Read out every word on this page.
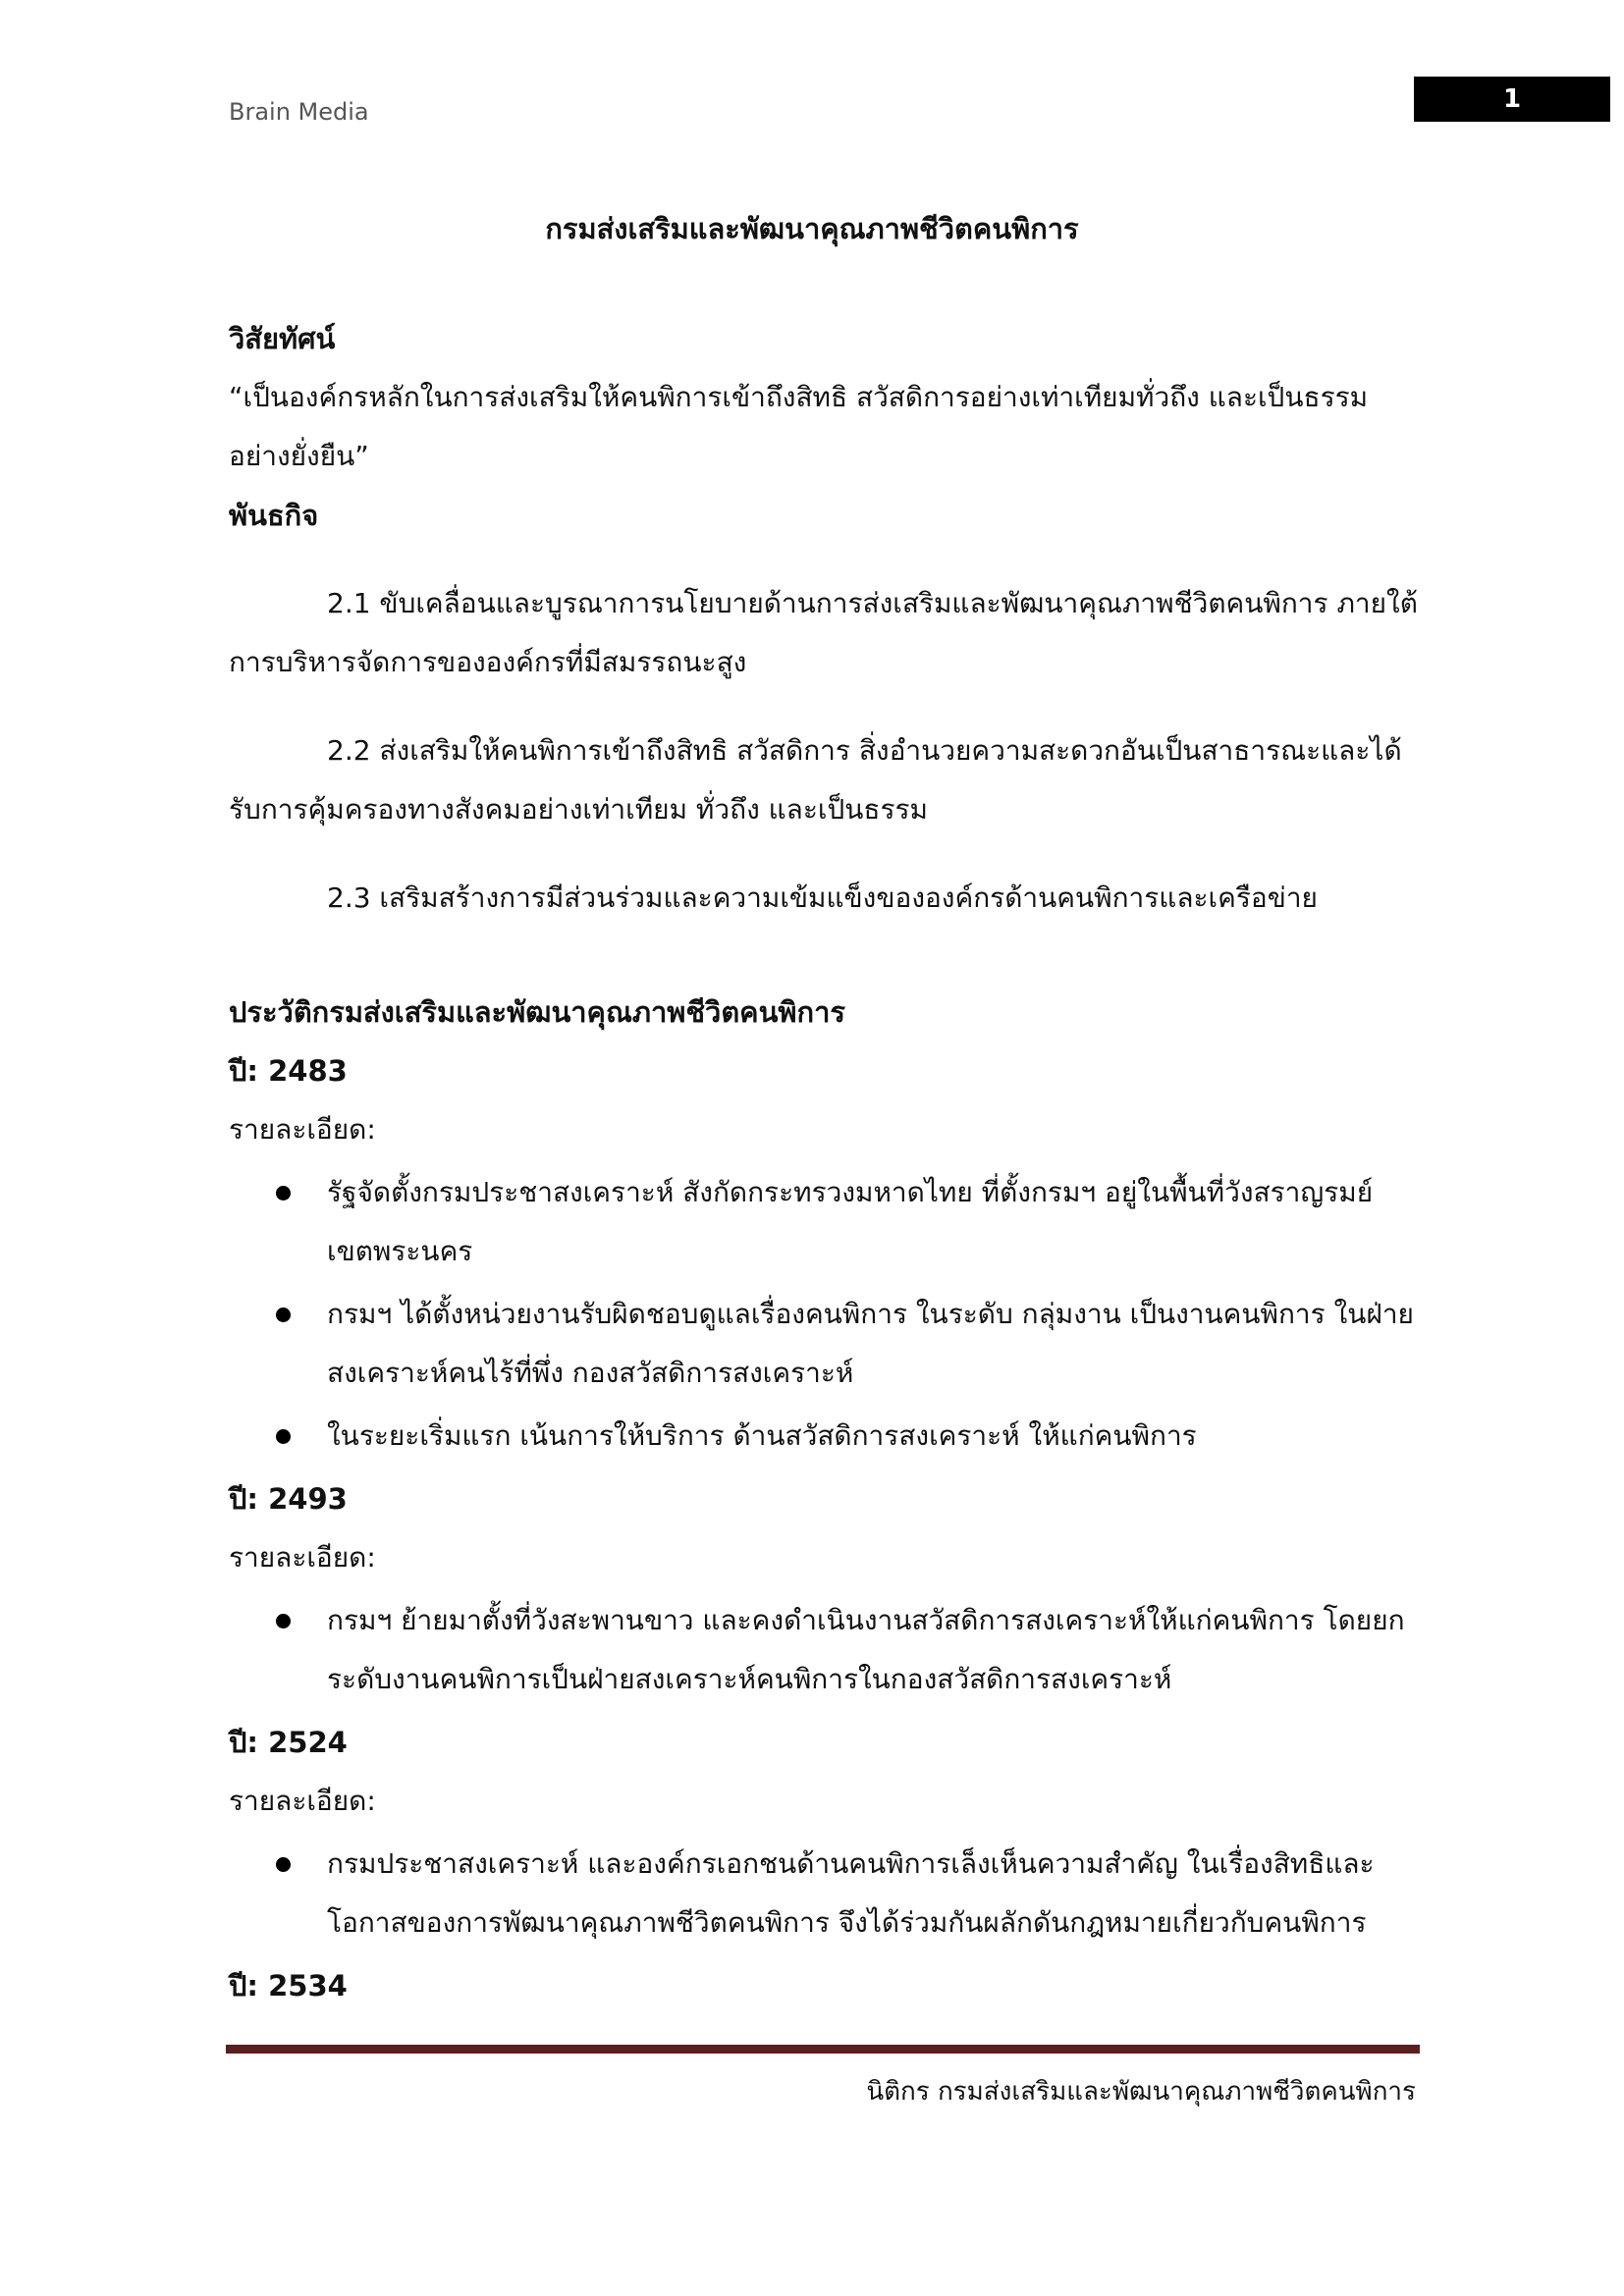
Brain Media	1
กรมส่งเสริมและพัฒนาคุณภาพชีวิตคนพิการ
วิสัยทัศน์

“เป็นองค์กรหลักในการส่งเสริมให้คนพิการเข้าถึงสิทธิ สวัสดิการอย่างเท่าเทียมทั่วถึง และเป็นธรรมอย่างยั่งยืน”

พันธกิจ

2.1 ขับเคลื่อนและบูรณาการนโยบายด้านการส่งเสริมและพัฒนาคุณภาพชีวิตคนพิการ ภายใต้การบริหารจัดการขององค์กรที่มีสมรรถนะสูง

2.2 ส่งเสริมให้คนพิการเข้าถึงสิทธิ สวัสดิการ สิ่งอำนวยความสะดวกอันเป็นสาธารณะและได้รับการคุ้มครองทางสังคมอย่างเท่าเทียม ทั่วถึง และเป็นธรรม

2.3 เสริมสร้างการมีส่วนร่วมและความเข้มแข็งขององค์กรด้านคนพิการและเครือข่าย

ประวัติกรมส่งเสริมและพัฒนาคุณภาพชีวิตคนพิการ

ปี: 2483

รายละเอียด:

รัฐจัดตั้งกรมประชาสงเคราะห์ สังกัดกระทรวงมหาดไทย ที่ตั้งกรมฯ อยู่ในพื้นที่วังสราญรมย์ เขตพระนคร
กรมฯ ได้ตั้งหน่วยงานรับผิดชอบดูแลเรื่องคนพิการ ในระดับ กลุ่มงาน เป็นงานคนพิการ ในฝ่ายสงเคราะห์คนไร้ที่พึ่ง กองสวัสดิการสงเคราะห์
ในระยะเริ่มแรก เน้นการให้บริการ ด้านสวัสดิการสงเคราะห์ ให้แก่คนพิการ

ปี: 2493

รายละเอียด:

กรมฯ ย้ายมาตั้งที่วังสะพานขาว และคงดำเนินงานสวัสดิการสงเคราะห์ให้แก่คนพิการ โดยยกระดับงานคนพิการเป็นฝ่ายสงเคราะห์คนพิการในกองสวัสดิการสงเคราะห์

ปี: 2524

รายละเอียด:

กรมประชาสงเคราะห์ และองค์กรเอกชนด้านคนพิการเล็งเห็นความสำคัญ ในเรื่องสิทธิและโอกาสของการพัฒนาคุณภาพชีวิตคนพิการ จึงได้ร่วมกันผลักดันกฎหมายเกี่ยวกับคนพิการ

ปี: 2534

นิติกร กรมส่งเสริมและพัฒนาคุณภาพชีวิตคนพิการ
